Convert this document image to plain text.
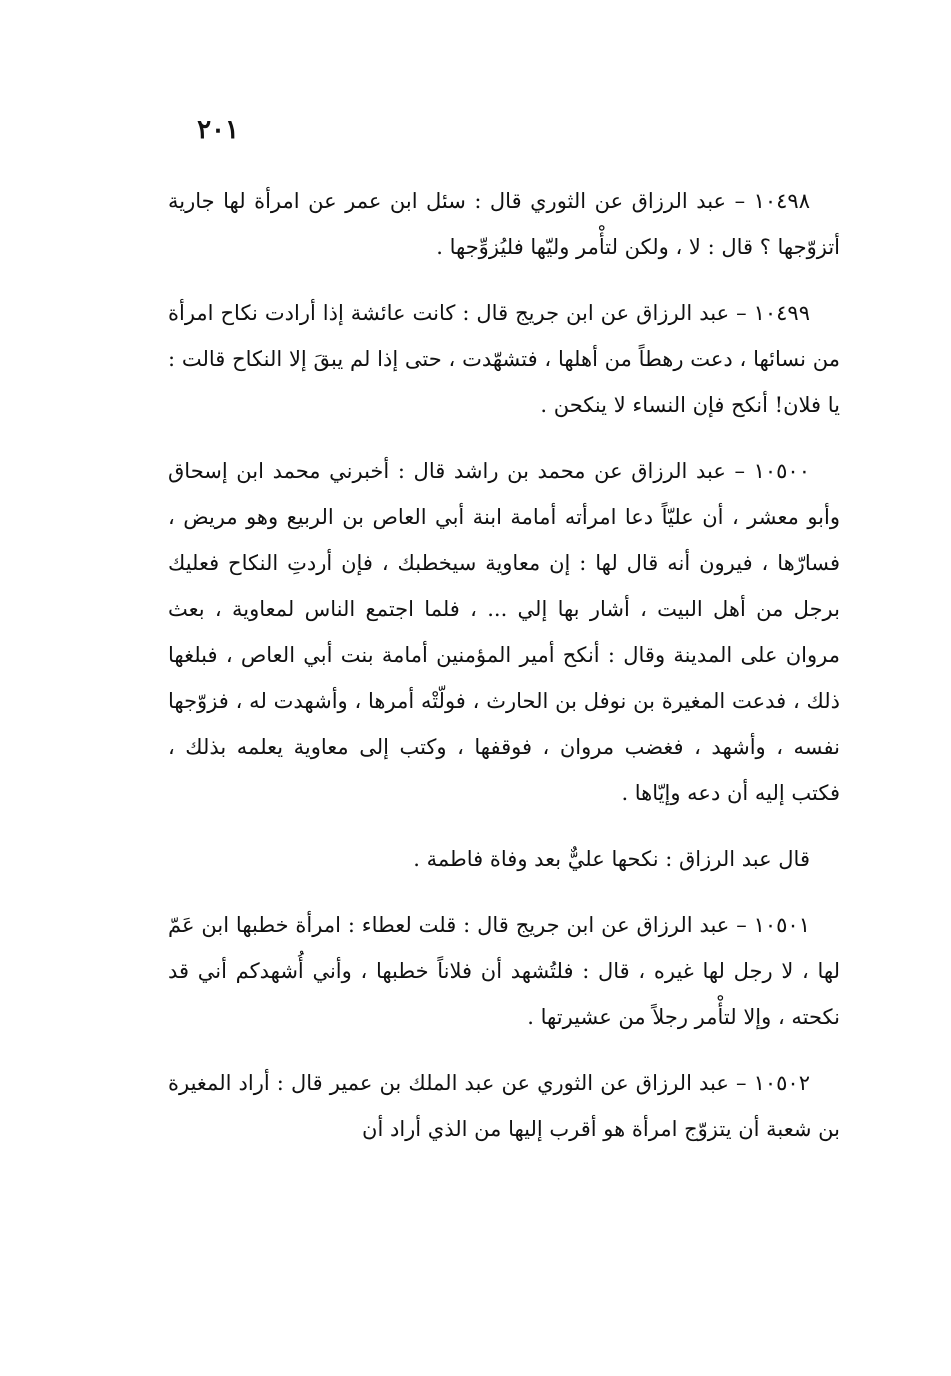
٢٠١

١٠٤٩٨ – عبد الرزاق عن الثوري قال : سئل ابن عمر عن امرأة لها جارية أتزوّجها ؟ قال : لا ، ولكن لتأْمر وليّها فليُزوِّجها .

١٠٤٩٩ – عبد الرزاق عن ابن جريج قال : كانت عائشة إذا أرادت نكاح امرأة من نسائها ، دعت رهطاً من أهلها ، فتشهّدت ، حتى إذا لم يبقَ إلا النكاح قالت : يا فلان! أنكح فإن النساء لا ينكحن .

١٠٥٠٠ – عبد الرزاق عن محمد بن راشد قال : أخبرني محمد ابن إسحاق وأبو معشر ، أن عليّاً دعا امرأته أمامة ابنة أبي العاص بن الربيع وهو مريض ، فسارّها ، فيرون أنه قال لها : إن معاوية سيخطبك ، فإن أردتِ النكاح فعليك برجل من أهل البيت ، أشار بها إلي ... ، فلما اجتمع الناس لمعاوية ، بعث مروان على المدينة وقال : أنكح أمير المؤمنين أمامة بنت أبي العاص ، فبلغها ذلك ، فدعت المغيرة بن نوفل بن الحارث ، فولّتْه أمرها ، وأشهدت له ، فزوّجها نفسه ، وأشهد ، فغضب مروان ، فوقفها ، وكتب إلى معاوية يعلمه بذلك ، فكتب إليه أن دعه وإيّاها .

قال عبد الرزاق : نكحها عليٌّ بعد وفاة فاطمة .

١٠٥٠١ – عبد الرزاق عن ابن جريج قال : قلت لعطاء : امرأة خطبها ابن عَمّ لها ، لا رجل لها غيره ، قال : فلتُشهد أن فلاناً خطبها ، وأني أُشهدكم أني قد نكحته ، وإلا لتأْمر رجلاً من عشيرتها .

١٠٥٠٢ – عبد الرزاق عن الثوري عن عبد الملك بن عمير قال : أراد المغيرة بن شعبة أن يتزوّج امرأة هو أقرب إليها من الذي أراد أن
